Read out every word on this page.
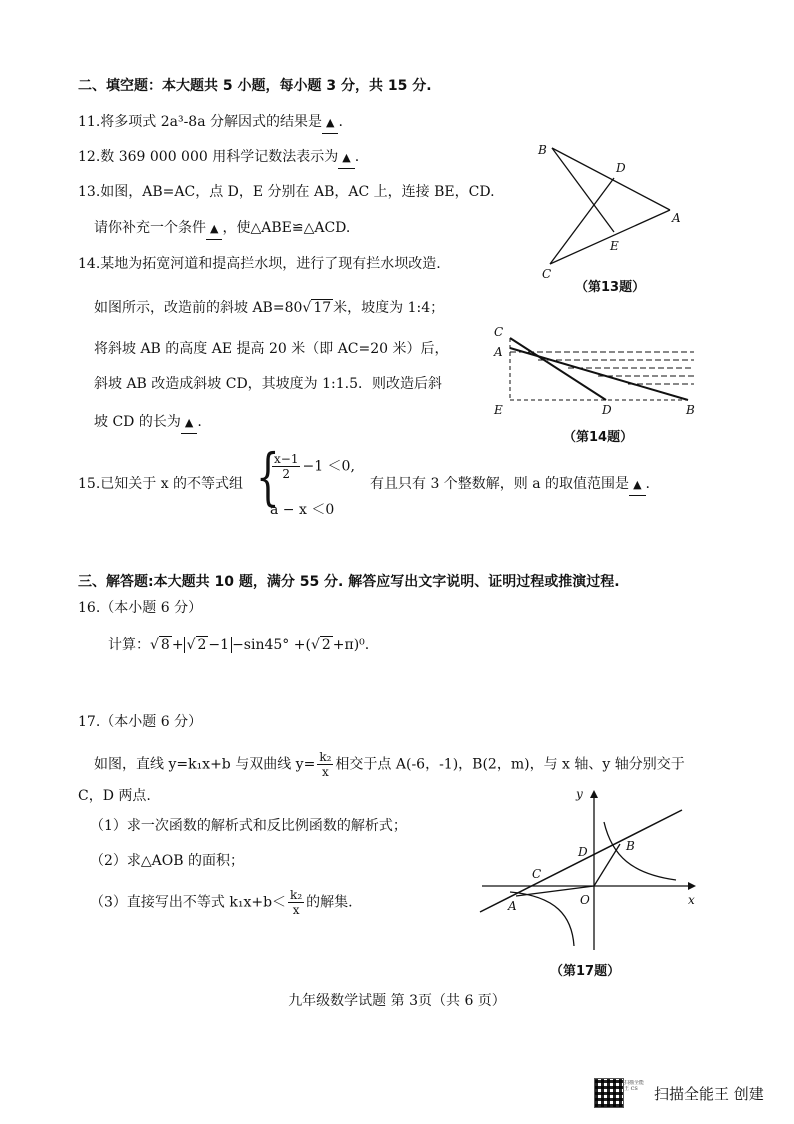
二、填空题：本大题共 5 小题，每小题 3 分，共 15 分.
11.将多项式 2a³-8a 分解因式的结果是 ▲ .
12.数 369 000 000 用科学记数法表示为 ▲ .
13.如图，AB=AC，点 D，E 分别在 AB，AC 上，连接 BE，CD.
请你补充一个条件 ▲ ，使△ABE≌△ACD.
B
D
A
E
C
（第13题）
14.某地为拓宽河道和提高拦水坝，进行了现有拦水坝改造.
如图所示，改造前的斜坡 AB=80√ 17 米，坡度为 1:4；
将斜坡 AB 的高度 AE 提高 20 米（即 AC=20 米）后，
斜坡 AB 改造成斜坡 CD，其坡度为 1:1.5．则改造后斜
坡 CD 的长为 ▲ .
C
A
E	D	B
（第14题）
15.已知关于 x 的不等式组 {
$\frac{x-1}{2} -1 <0$,
a − x ＜0
有且只有 3 个整数解，则 a 的取值范围是 ▲ .
三、解答题:本大题共 10 题，满分 55 分. 解答应写出文字说明、证明过程或推演过程.
16.（本小题 6 分）
计算：√ 8 + √ 2 −1 −sin45° +(√ 2 +π)⁰.
17.（本小题 6 分）
如图，直线 y=k₁x+b 与双曲线 $y= \frac{\text{k₂}}{x}$ 相交于点 A(-6，-1)，B(2，m)，与 x 轴、y 轴分别交于
C，D 两点.
（1）求一次函数的解析式和反比例函数的解析式；
（2）求△AOB 的面积；
（3）直接写出不等式 $k_1x+b< \frac{\text{k₂}}{x}$ 的解集.
y
x
B
D
C
O
A
（第17题）
九年级数学试题 第 3页（共 6 页）
扫描全能王 CS	扫描全能王 创建
